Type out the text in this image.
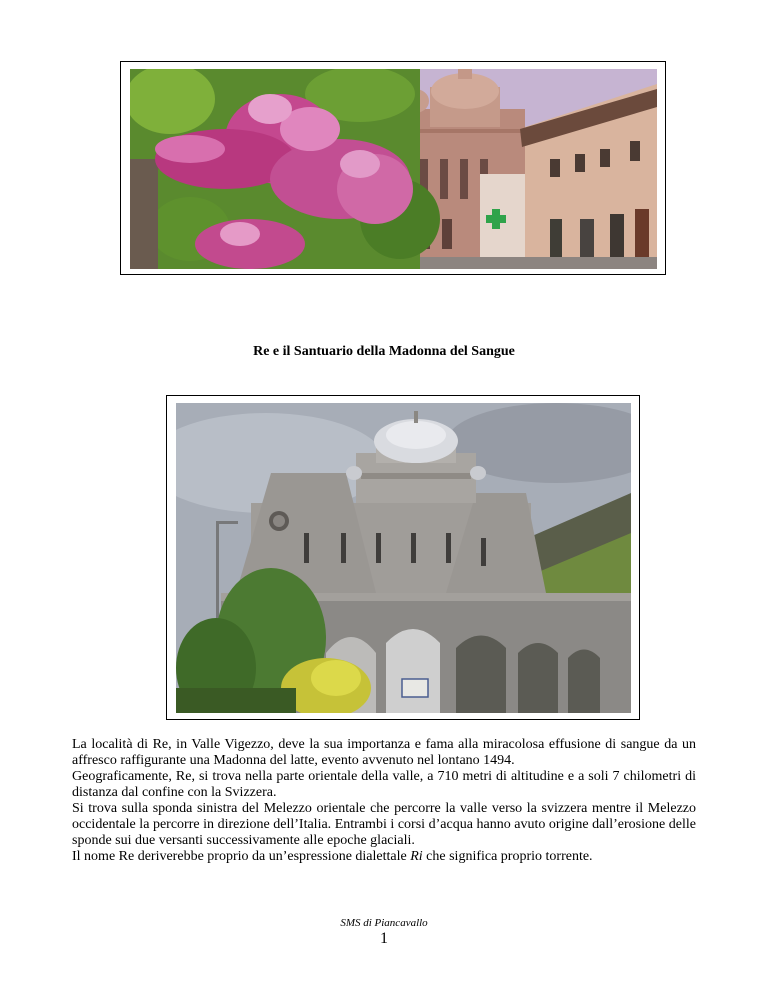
Re e il Santuario della Madonna del Sangue

La località di Re, in Valle Vigezzo, deve la sua importanza e fama alla miracolosa effusione di sangue da un affresco raffigurante una Madonna del latte, evento avvenuto nel lontano 1494.

Geograficamente, Re, si trova nella parte orientale della valle, a 710 metri di altitudine e a soli 7 chilometri di distanza dal confine con la Svizzera.

Si trova sulla sponda sinistra del Melezzo orientale che percorre la valle verso la svizzera mentre il Melezzo occidentale la percorre in direzione dell’Italia. Entrambi i corsi d’acqua hanno avuto origine dall’erosione delle sponde sui due versanti successivamente alle epoche glaciali.

Il nome Re deriverebbe proprio da un’espressione dialettale Ri che significa proprio torrente.

SMS di Piancavallo
1
